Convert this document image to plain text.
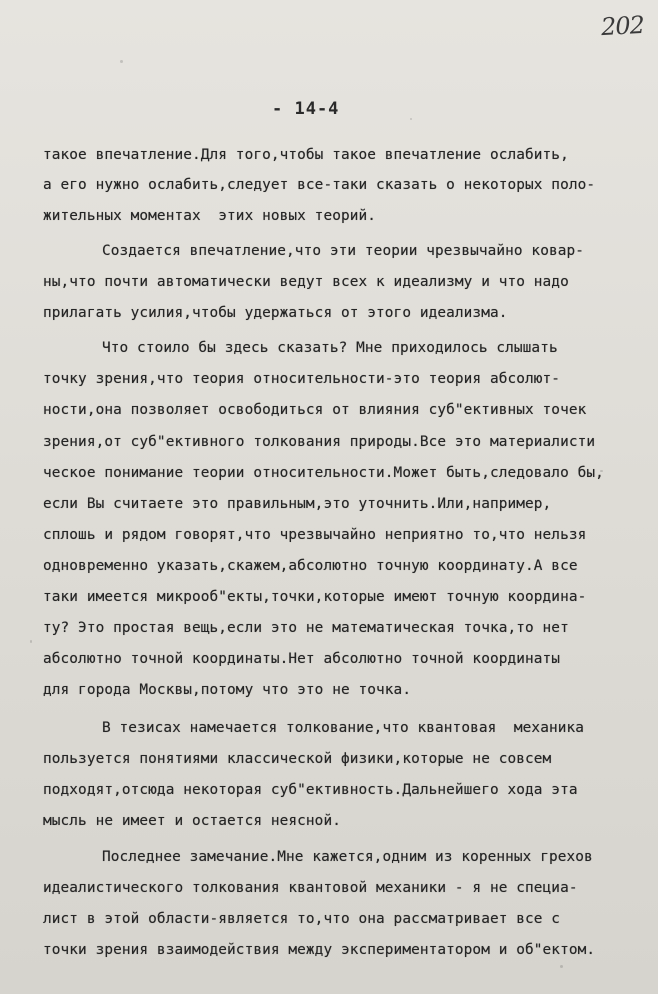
202
- 14-4
такое впечатление.Для того,чтобы такое впечатление ослабить,
а его нужно ослабить,следует все-таки сказать о некоторых поло-
жительных моментах  этих новых теорий.
Создается впечатление,что эти теории чрезвычайно ковар-
ны,что почти автоматически ведут всех к идеализму и что надо
прилагать усилия,чтобы удержаться от этого идеализма.
Что стоило бы здесь сказать? Мне приходилось слышать
точку зрения,что теория относительности-это теория абсолют-
ности,она позволяет освободиться от влияния суб"ективных точек
зрения,от суб"ективного толкования природы.Все это материалисти
ческое понимание теории относительности.Может быть,следовало бы,
если Вы считаете это правильным,это уточнить.Или,например,
сплошь и рядом говорят,что чрезвычайно неприятно то,что нельзя
одновременно указать,скажем,абсолютно точную координату.А все
таки имеется микрооб"екты,точки,которые имеют точную координа-
ту? Это простая вещь,если это не математическая точка,то нет
абсолютно точной координаты.Нет абсолютно точной координаты
для города Москвы,потому что это не точка.
В тезисах намечается толкование,что квантовая  механика
пользуется понятиями классической физики,которые не совсем
подходят,отсюда некоторая суб"ективность.Дальнейшего хода эта
мысль не имеет и остается неясной.
Последнее замечание.Мне кажется,одним из коренных грехов
идеалистического толкования квантовой механики - я не специа-
лист в этой области-является то,что она рассматривает все с
точки зрения взаимодействия между экспериментатором и об"ектом.
